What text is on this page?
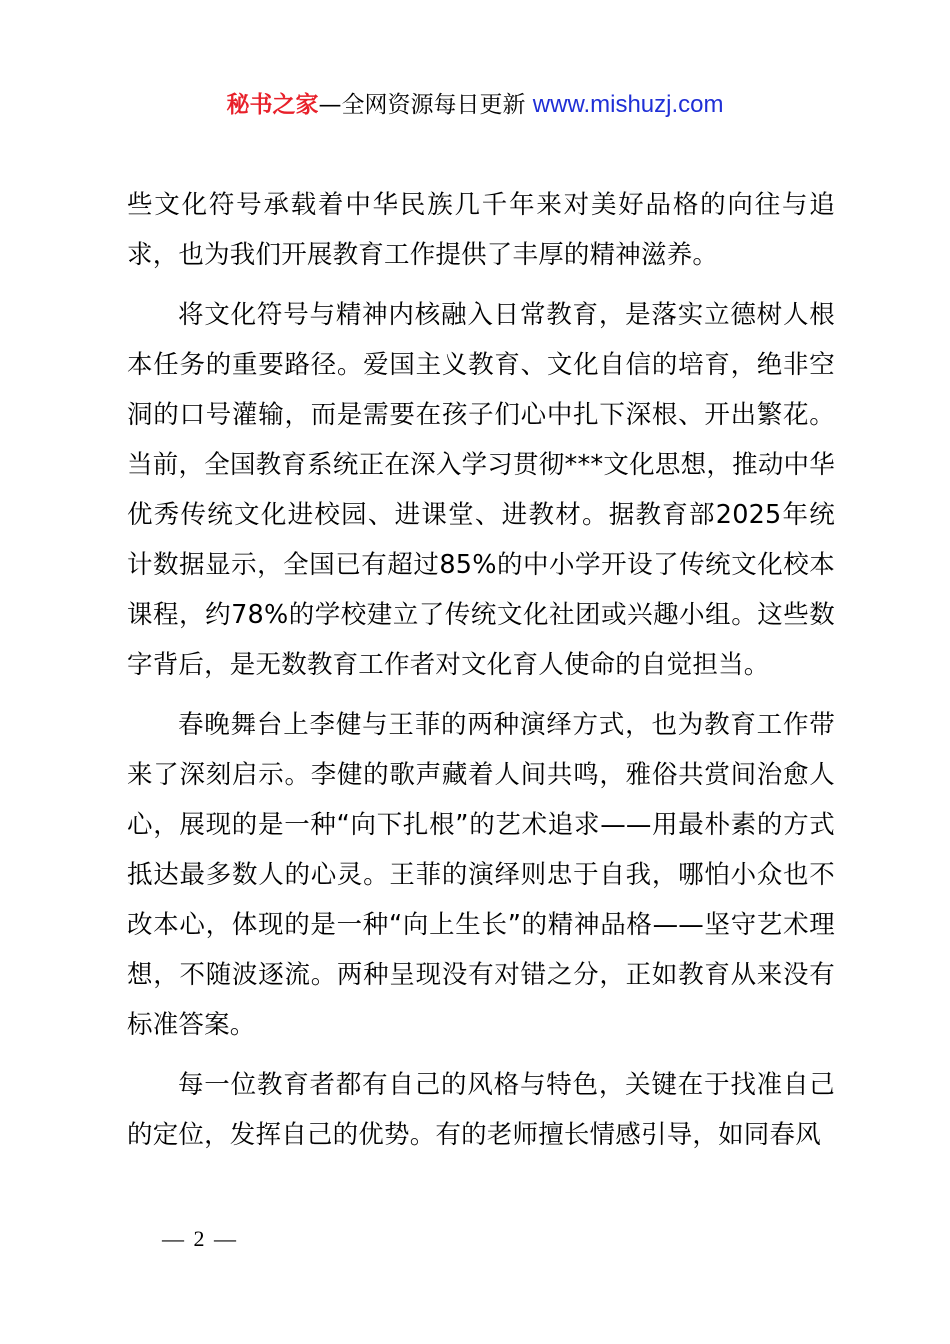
秘书之家—全网资源每日更新 www.mishuzj.com

些文化符号承载着中华民族几千年来对美好品格的向往与追求，也为我们开展教育工作提供了丰厚的精神滋养。

将文化符号与精神内核融入日常教育，是落实立德树人根本任务的重要路径。爱国主义教育、文化自信的培育，绝非空洞的口号灌输，而是需要在孩子们心中扎下深根、开出繁花。当前，全国教育系统正在深入学习贯彻***文化思想，推动中华优秀传统文化进校园、进课堂、进教材。据教育部2025年统计数据显示，全国已有超过85%的中小学开设了传统文化校本课程，约78%的学校建立了传统文化社团或兴趣小组。这些数字背后，是无数教育工作者对文化育人使命的自觉担当。

春晚舞台上李健与王菲的两种演绎方式，也为教育工作带来了深刻启示。李健的歌声藏着人间共鸣，雅俗共赏间治愈人心，展现的是一种“向下扎根”的艺术追求——用最朴素的方式抵达最多数人的心灵。王菲的演绎则忠于自我，哪怕小众也不改本心，体现的是一种“向上生长”的精神品格——坚守艺术理想，不随波逐流。两种呈现没有对错之分，正如教育从来没有标准答案。

每一位教育者都有自己的风格与特色，关键在于找准自己的定位，发挥自己的优势。有的老师擅长情感引导，如同春风

— 2 —
